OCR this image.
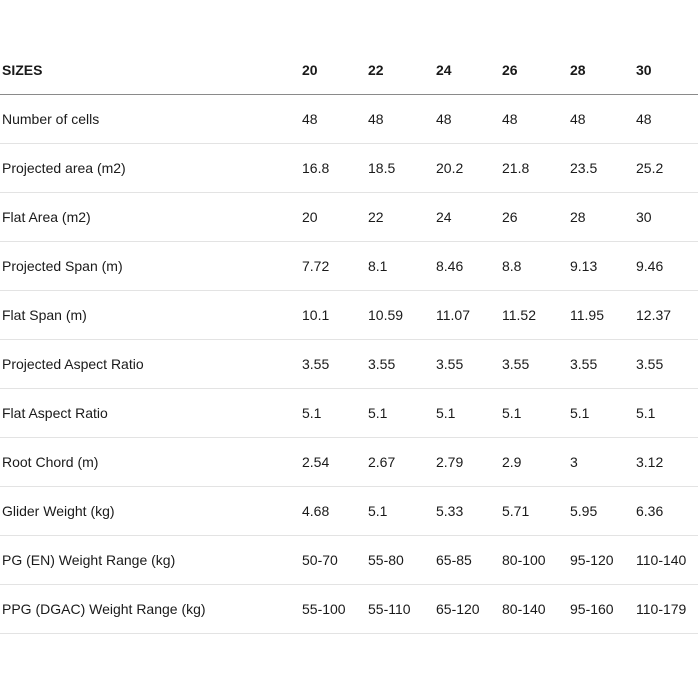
SIZES	20	22	24	26	28	30
Number of cells	48	48	48	48	48	48
Projected area (m2)	16.8	18.5	20.2	21.8	23.5	25.2
Flat Area (m2)	20	22	24	26	28	30
Projected Span (m)	7.72	8.1	8.46	8.8	9.13	9.46
Flat Span (m)	10.1	10.59	11.07	11.52	11.95	12.37
Projected Aspect Ratio	3.55	3.55	3.55	3.55	3.55	3.55
Flat Aspect Ratio	5.1	5.1	5.1	5.1	5.1	5.1
Root Chord (m)	2.54	2.67	2.79	2.9	3	3.12
Glider Weight (kg)	4.68	5.1	5.33	5.71	5.95	6.36
PG (EN) Weight Range (kg)	50-70	55-80	65-85	80-100	95-120	110-140
PPG (DGAC) Weight Range (kg)	55-100	55-110	65-120	80-140	95-160	110-179
